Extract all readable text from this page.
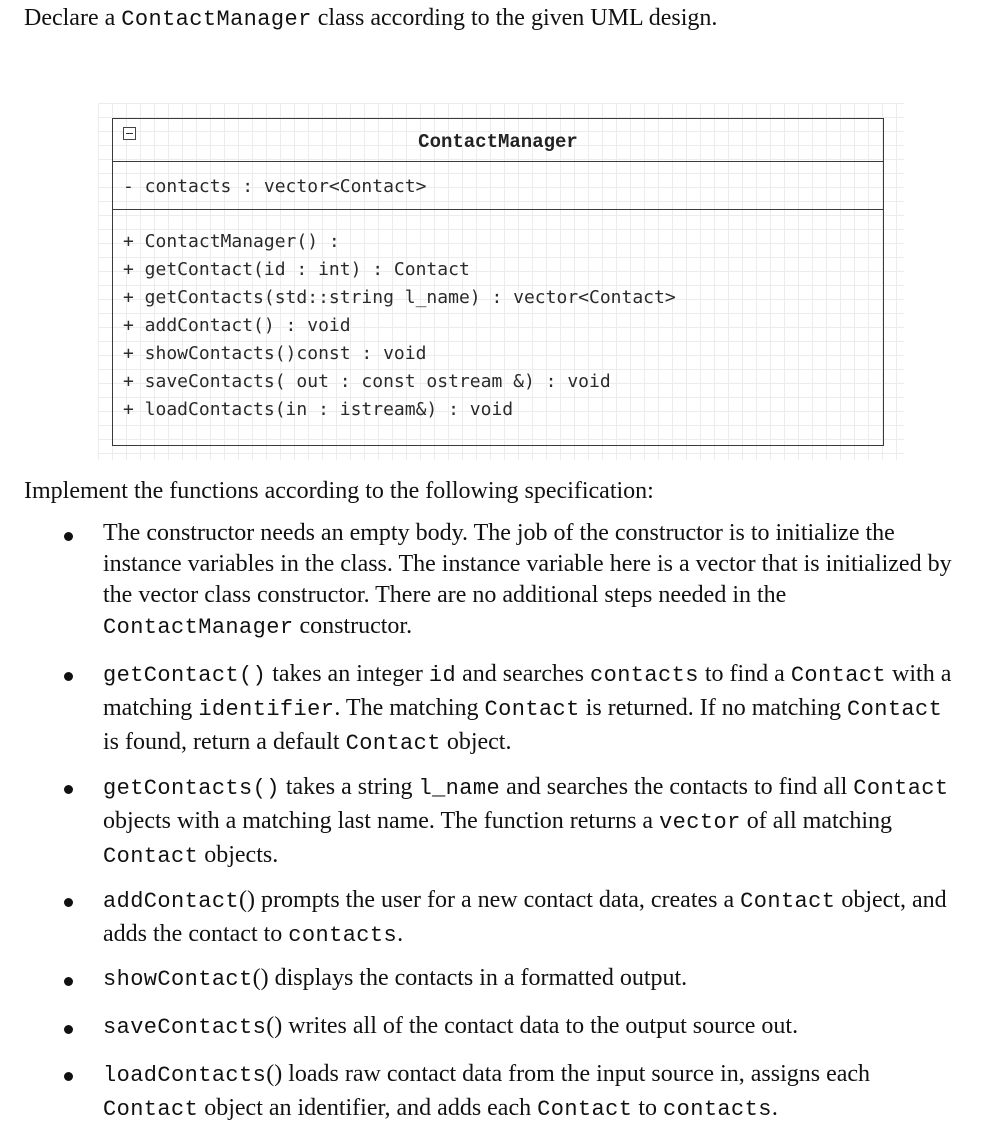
Declare a ContactManager class according to the given UML design.
ContactManager
- contacts : vector<Contact>
+ ContactManager() :
+ getContact(id : int) : Contact
+ getContacts(std::string l_name) : vector<Contact>
+ addContact() : void
+ showContacts()const : void
+ saveContacts( out : const ostream &) : void
+ loadContacts(in : istream&) : void
Implement the functions according to the following specification:
The constructor needs an empty body. The job of the constructor is to initialize the instance variables in the class. The instance variable here is a vector that is initialized by the vector class constructor. There are no additional steps needed in the ContactManager constructor.
getContact() takes an integer id and searches contacts to find a Contact with a matching identifier. The matching Contact is returned. If no matching Contact is found, return a default Contact object.
getContacts() takes a string l_name and searches the contacts to find all Contact objects with a matching last name. The function returns a vector of all matching Contact objects.
addContact() prompts the user for a new contact data, creates a Contact object, and adds the contact to contacts.
showContact() displays the contacts in a formatted output.
saveContacts() writes all of the contact data to the output source out.
loadContacts() loads raw contact data from the input source in, assigns each Contact object an identifier, and adds each Contact to contacts.
